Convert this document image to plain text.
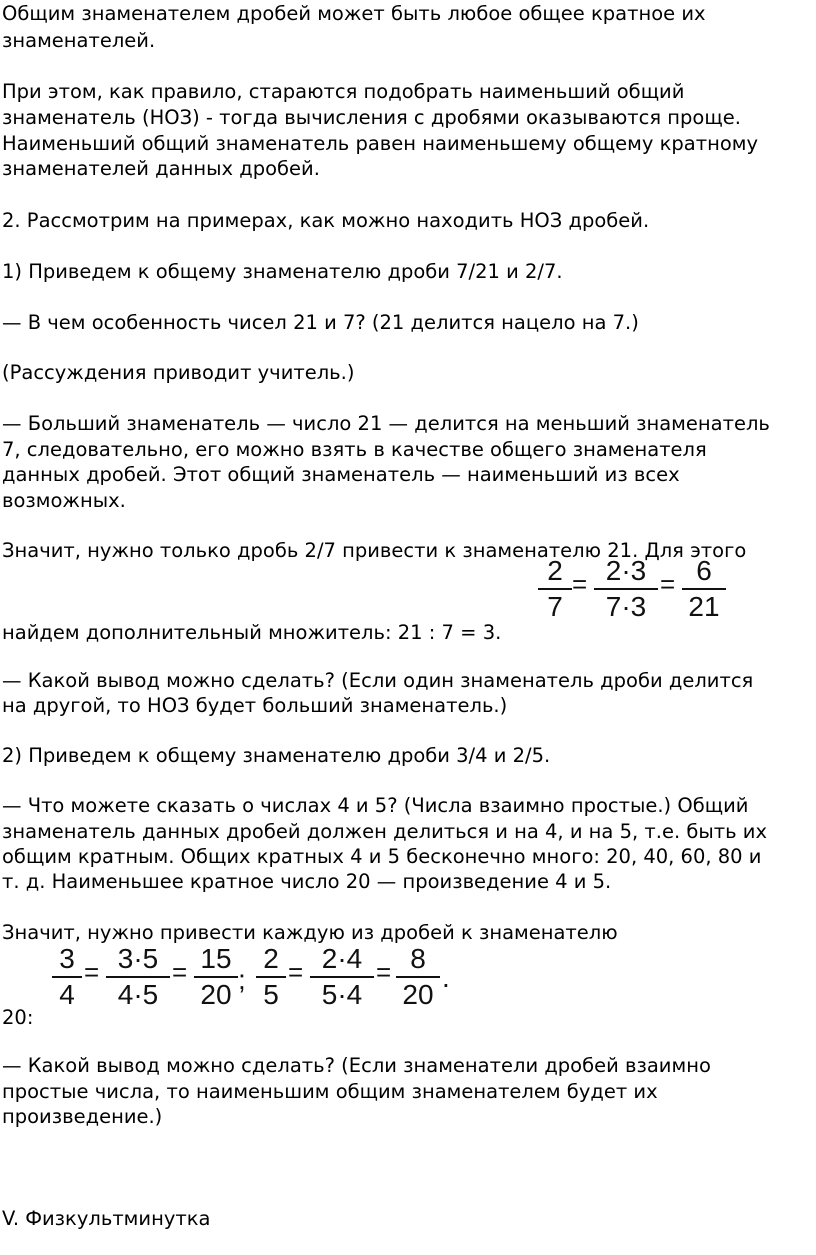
Общим знаменателем дробей может быть любое общее кратное их

знаменателей.

При этом, как правило, стараются подобрать наименьший общий

знаменатель (НОЗ) - тогда вычисления с дробями оказываются проще.

Наименьший общий знаменатель равен наименьшему общему кратному

знаменателей данных дробей.

2. Рассмотрим на примерах, как можно находить НОЗ дробей.

1) Приведем к общему знаменателю дроби 7/21 и 2/7.

— В чем особенность чисел 21 и 7? (21 делится нацело на 7.)

(Рассуждения приводит учитель.)

— Больший знаменатель — число 21 — делится на меньший знаменатель

7, следовательно, его можно взять в качестве общего знаменателя

данных дробей. Этот общий знаменатель — наименьший из всех

возможных.

Значит, нужно только дробь 2/7 привести к знаменателю 21. Для этого

найдем дополнительный множитель: 21 : 7 = 3.

2
7
= 2·3
7·3
= 6
21

— Какой вывод можно сделать? (Если один знаменатель дроби делится

на другой, то НОЗ будет больший знаменатель.)

2) Приведем к общему знаменателю дроби 3/4 и 2/5.

— Что можете сказать о числах 4 и 5? (Числа взаимно простые.) Общий

знаменатель данных дробей должен делиться и на 4, и на 5, т.е. быть их

общим кратным. Общих кратных 4 и 5 бесконечно много: 20, 40, 60, 80 и

т. д. Наименьшее кратное число 20 — произведение 4 и 5.

Значит, нужно привести каждую из дробей к знаменателю

20:

3
4
= 3·5
4·5
= 15
20 ;
2
5
= 2·4
5·4
= 8
20
.

— Какой вывод можно сделать? (Если знаменатели дробей взаимно

простые числа, то наименьшим общим знаменателем будет их

произведение.)

V. Физкультминутка
